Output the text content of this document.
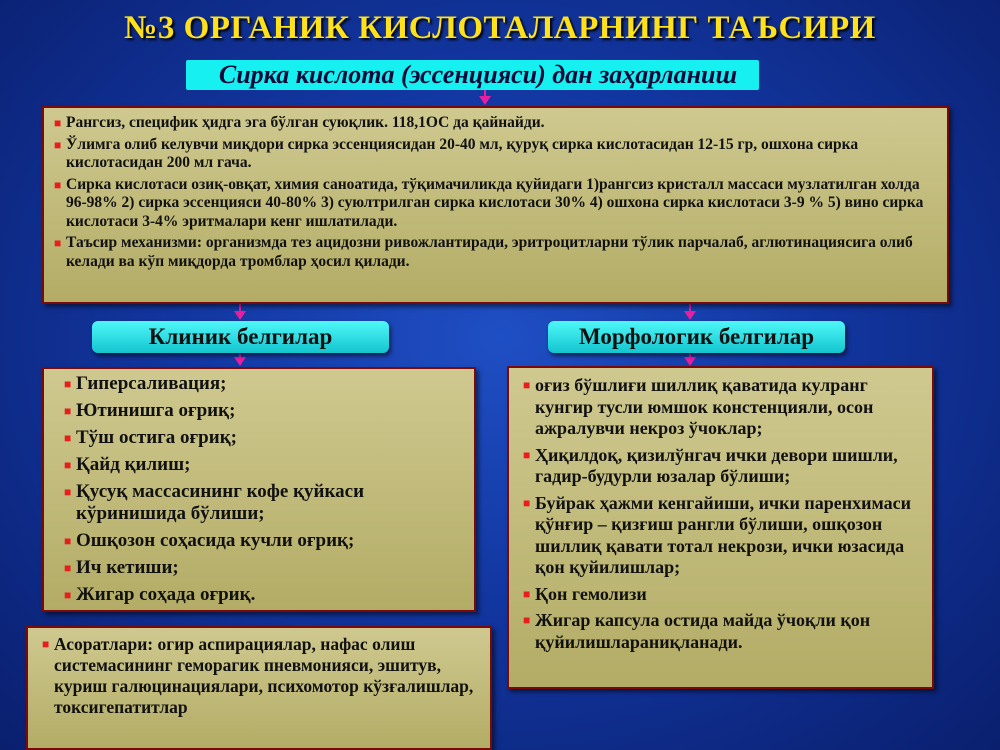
№3 ОРГАНИК КИСЛОТАЛАРНИНГ ТАЪСИРИ
Сирка кислота (эссенцияси) дан заҳарланиш
■ Рангсиз, специфик ҳидга эга бўлган суюқлик. 118,1ОС да қайнайди.
■ Ўлимга олиб келувчи миқдори сирка эссенциясидан 20-40 мл, қуруқ сирка кислотасидан 12-15 гр, ошхона сирка кислотасидан 200 мл гача.
■ Сирка кислотаси озиқ-овқат, химия саноатида, тўқимачиликда қуйидаги 1)рангсиз кристалл массаси музлатилган холда 96-98% 2) сирка эссенцияси 40-80% 3) суюлтрилган сирка кислотаси 30% 4) ошхона сирка кислотаси 3-9 % 5) вино сирка кислотаси 3-4% эритмалари кенг ишлатилади.
■ Таъсир механизми: организмда тез ацидозни ривожлантиради, эритроцитларни тўлик парчалаб, аглютинациясига олиб келади ва кўп миқдорда тромблар ҳосил қилади.
Клиник белгилар	Морфологик белгилар
■ Гиперсаливация;
■ Ютинишга оғриқ;
■ Тўш остига оғриқ;
■ Қайд қилиш;
■ Қусуқ массасининг кофе қуйкаси кўринишида бўлиши;
■ Ошқозон соҳасида кучли оғриқ;
■ Ич кетиши;
■ Жигар соҳада оғриқ.
■ оғиз бўшлиғи шиллиқ қаватида кулранг кунгир тусли юмшок констенцияли, осон ажралувчи некроз ўчоклар;
■ Ҳиқилдоқ, қизилўнгач ички девори шишли, гадир-будурли юзалар бўлиши;
■ Буйрак ҳажми кенгайиши, ички паренхимаси қўнғир – қизғиш рангли бўлиши, ошқозон шиллиқ қавати тотал некрози, ички юзасида қон қуйилишлар;
■ Қон гемолизи
■ Жигар капсула остида майда ўчоқли қон қуйилишлараниқланади.
■ Асоратлари: огир аспирациялар, нафас олиш системасининг геморагик пневмонияси, эшитув, куриш галюцинациялари, психомотор кўзғалишлар, токсигепатитлар
